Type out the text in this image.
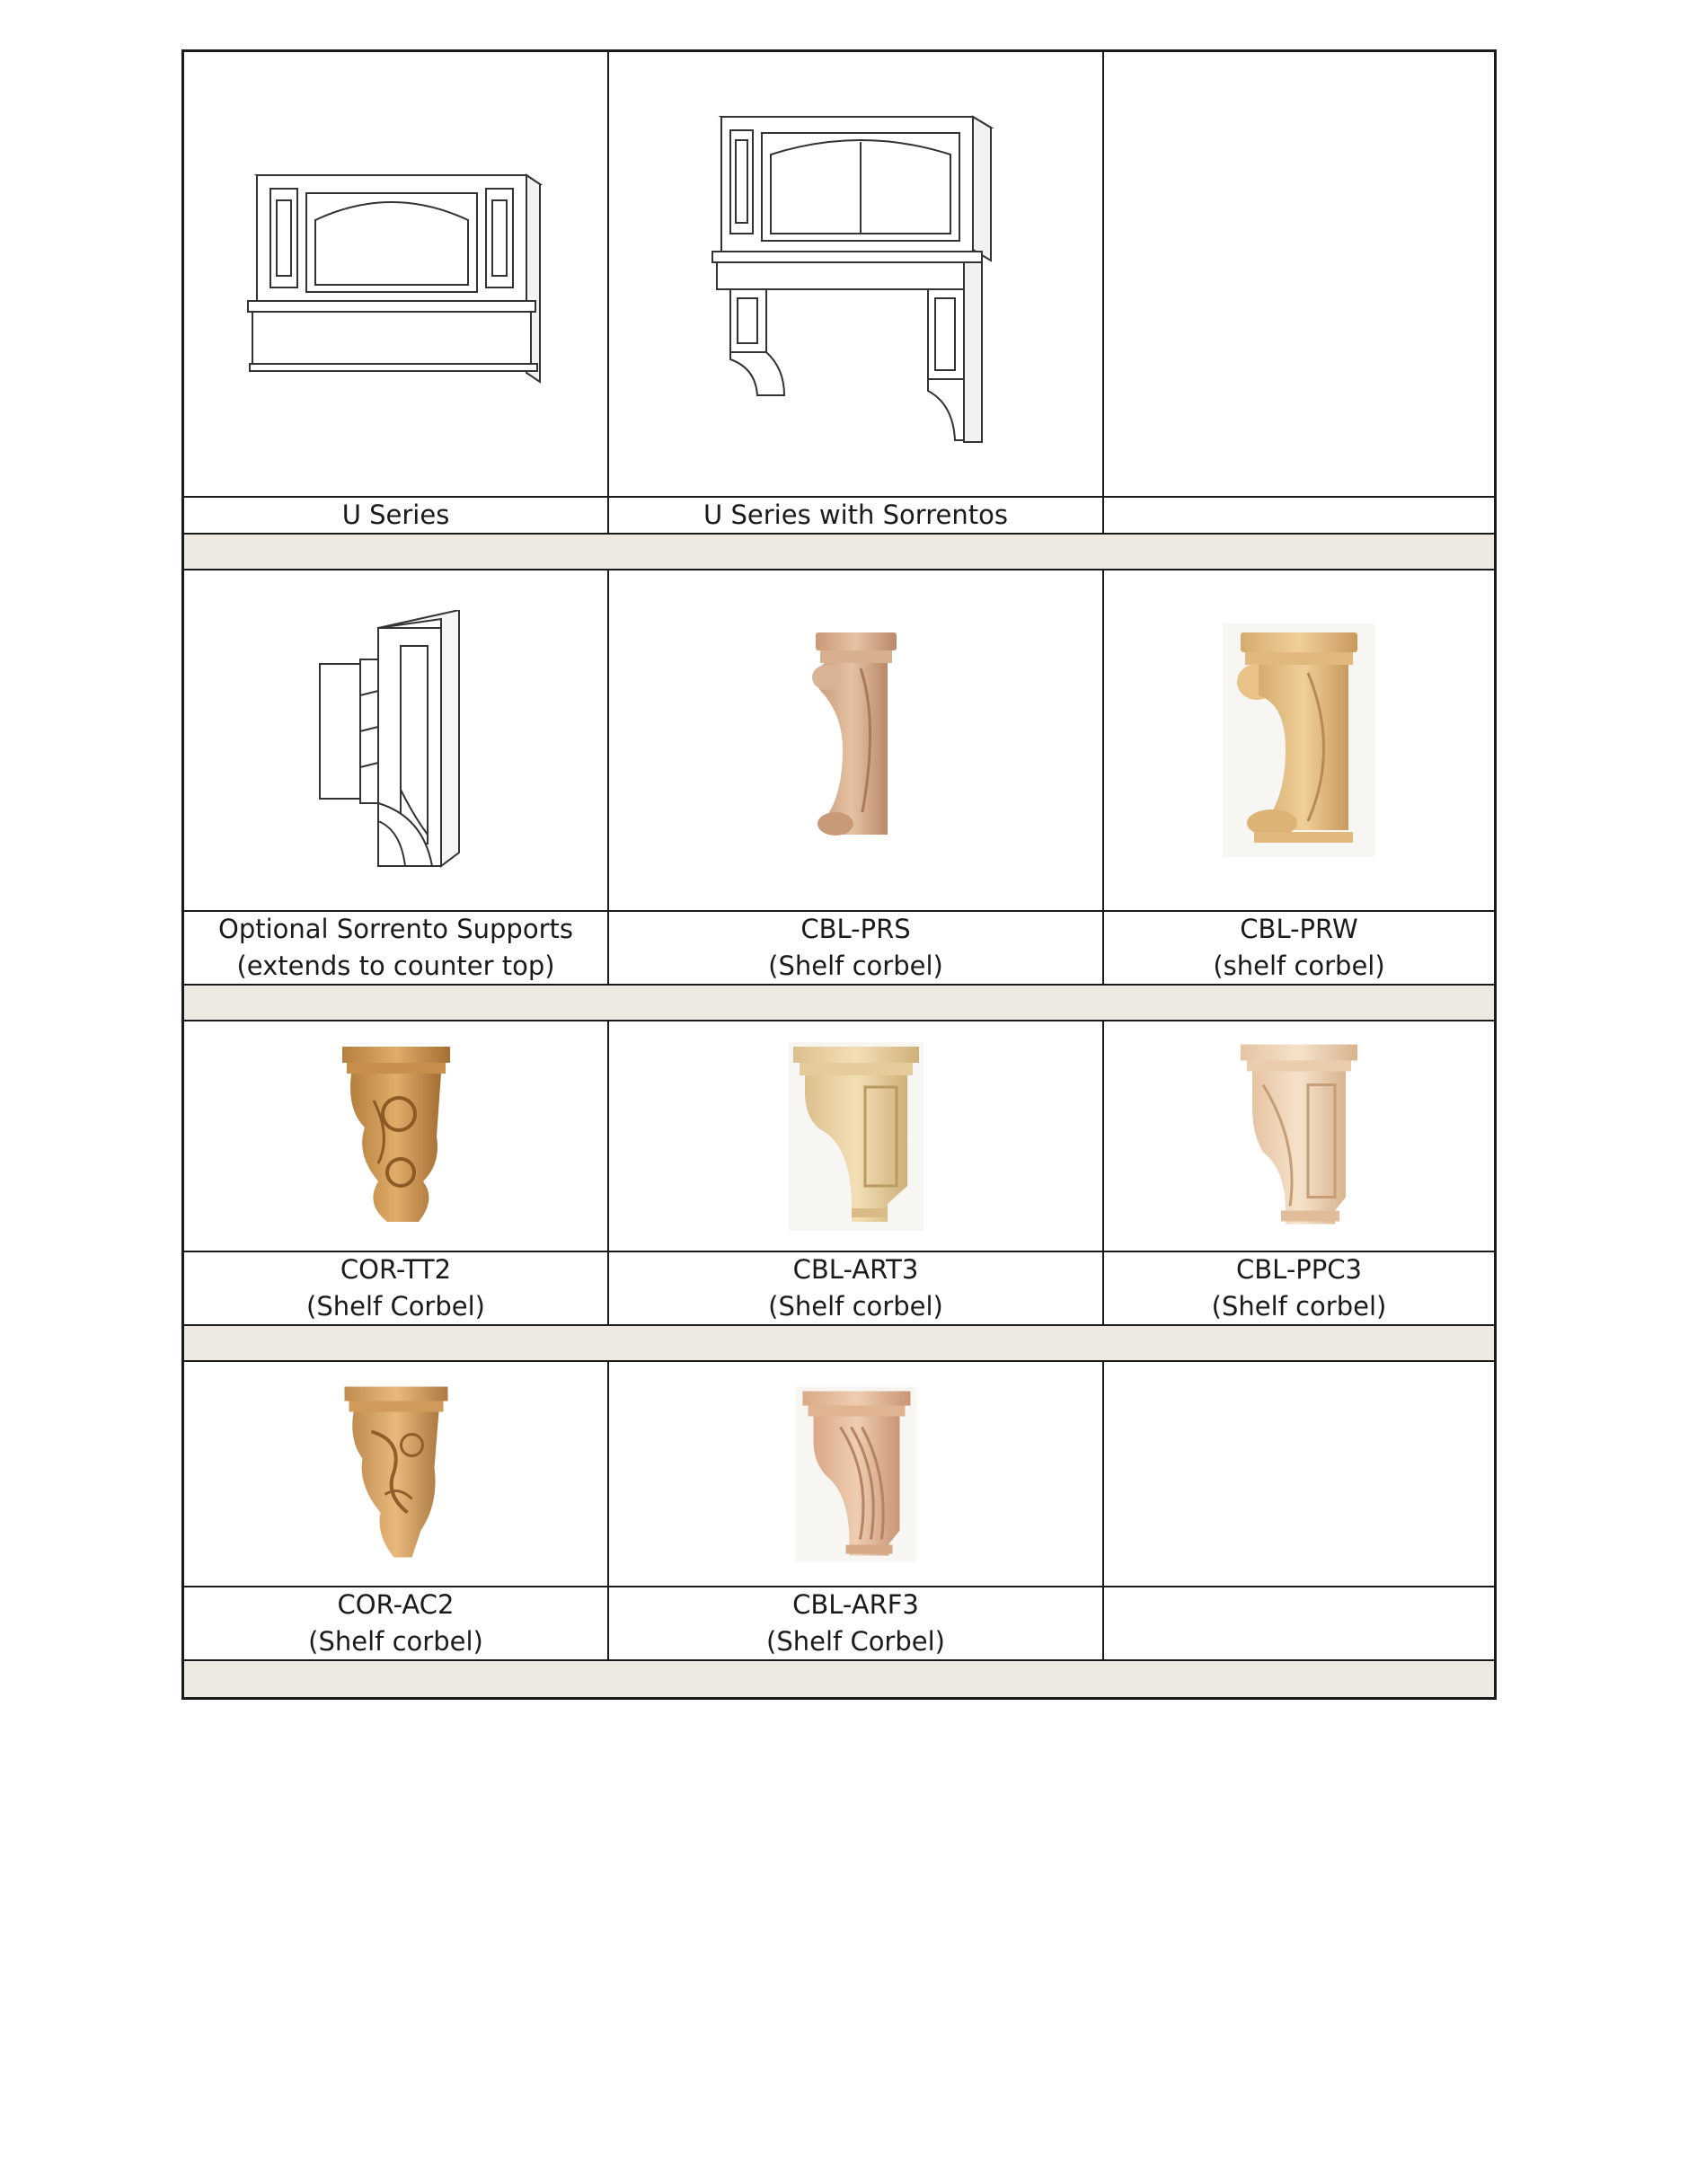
U Series	U Series with Sorrentos
Optional Sorrento Supports
(extends to counter top)
CBL-PRS
(Shelf corbel)
CBL-PRW
(shelf corbel)
COR-TT2
(Shelf Corbel)
CBL-ART3
(Shelf corbel)
CBL-PPC3
(Shelf corbel)
COR-AC2
(Shelf corbel)
CBL-ARF3
(Shelf Corbel)
